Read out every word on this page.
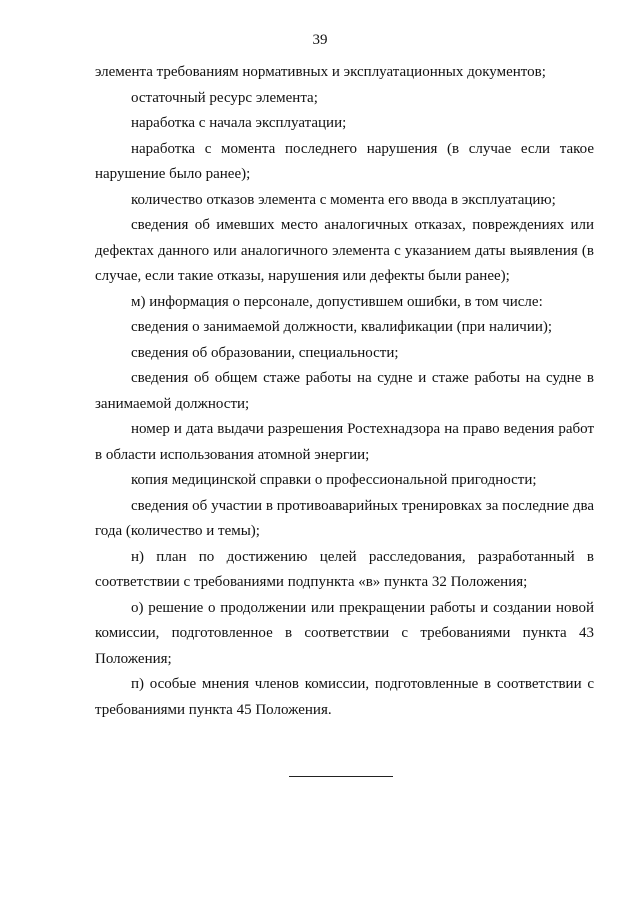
39

элемента требованиям нормативных и эксплуатационных документов;

остаточный ресурс элемента;

наработка с начала эксплуатации;

наработка с момента последнего нарушения (в случае если такое нарушение было ранее);

количество отказов элемента с момента его ввода в эксплуатацию;

сведения об имевших место аналогичных отказах, повреждениях или дефектах данного или аналогичного элемента с указанием даты выявления (в случае, если такие отказы, нарушения или дефекты были ранее);

м) информация о персонале, допустившем ошибки, в том числе:

сведения о занимаемой должности, квалификации (при наличии);

сведения об образовании, специальности;

сведения об общем стаже работы на судне и стаже работы на судне в занимаемой должности;

номер и дата выдачи разрешения Ростехнадзора на право ведения работ в области использования атомной энергии;

копия медицинской справки о профессиональной пригодности;

сведения об участии в противоаварийных тренировках за последние два года (количество и темы);

н) план по достижению целей расследования, разработанный в соответствии с требованиями подпункта «в» пункта 32 Положения;

о) решение о продолжении или прекращении работы и создании новой комиссии, подготовленное в соответствии с требованиями пункта 43 Положения;

п) особые мнения членов комиссии, подготовленные в соответствии с требованиями пункта 45 Положения.
